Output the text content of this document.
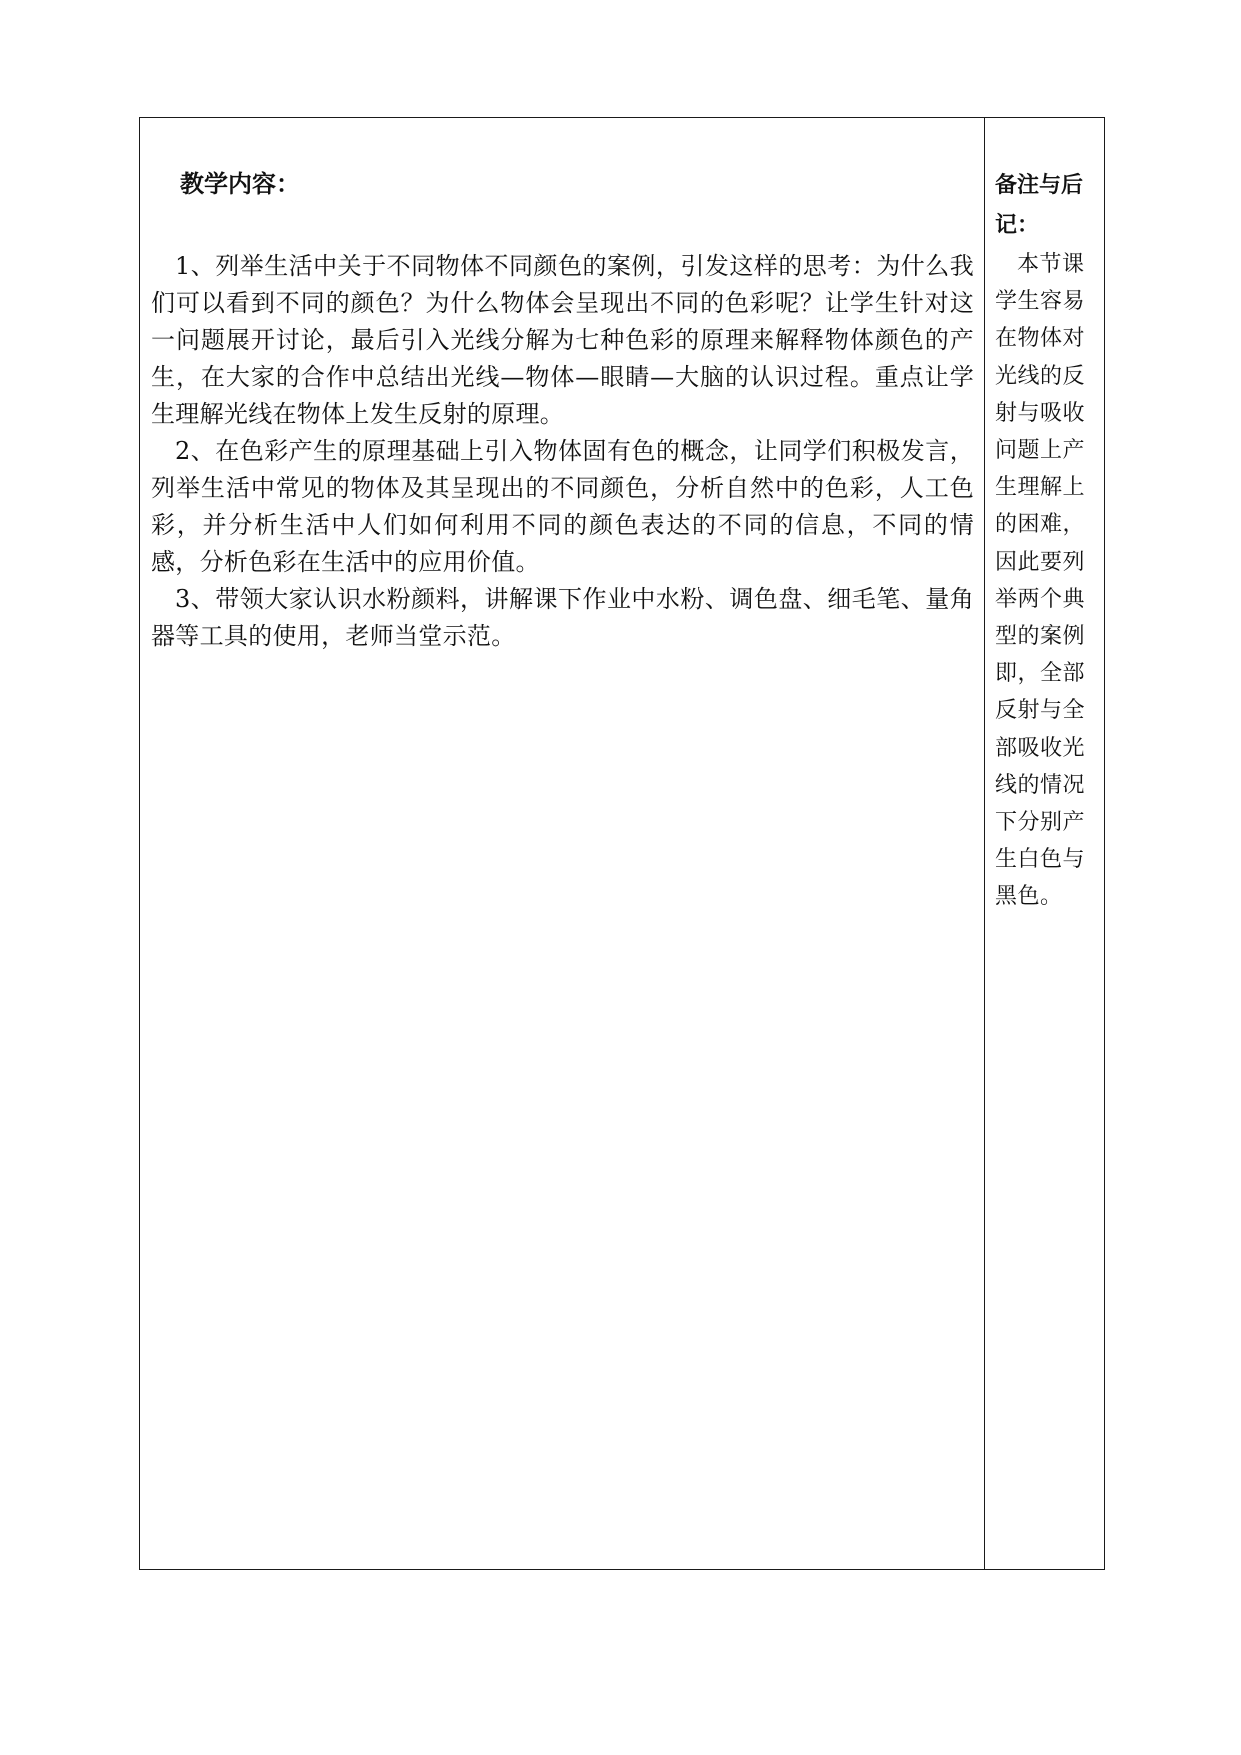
教学内容：

1、列举生活中关于不同物体不同颜色的案例，引发这样的思考：为什么我们可以看到不同的颜色？为什么物体会呈现出不同的色彩呢？让学生针对这一问题展开讨论，最后引入光线分解为七种色彩的原理来解释物体颜色的产生，在大家的合作中总结出光线—物体—眼睛—大脑的认识过程。重点让学生理解光线在物体上发生反射的原理。

2、在色彩产生的原理基础上引入物体固有色的概念，让同学们积极发言，列举生活中常见的物体及其呈现出的不同颜色，分析自然中的色彩，人工色彩，并分析生活中人们如何利用不同的颜色表达的不同的信息，不同的情感，分析色彩在生活中的应用价值。

3、带领大家认识水粉颜料，讲解课下作业中水粉、调色盘、细毛笔、量角器等工具的使用，老师当堂示范。

备注与后记：

本节课学生容易在物体对光线的反射与吸收问题上产生理解上的困难，因此要列举两个典型的案例即，全部反射与全部吸收光线的情况下分别产生白色与黑色。
